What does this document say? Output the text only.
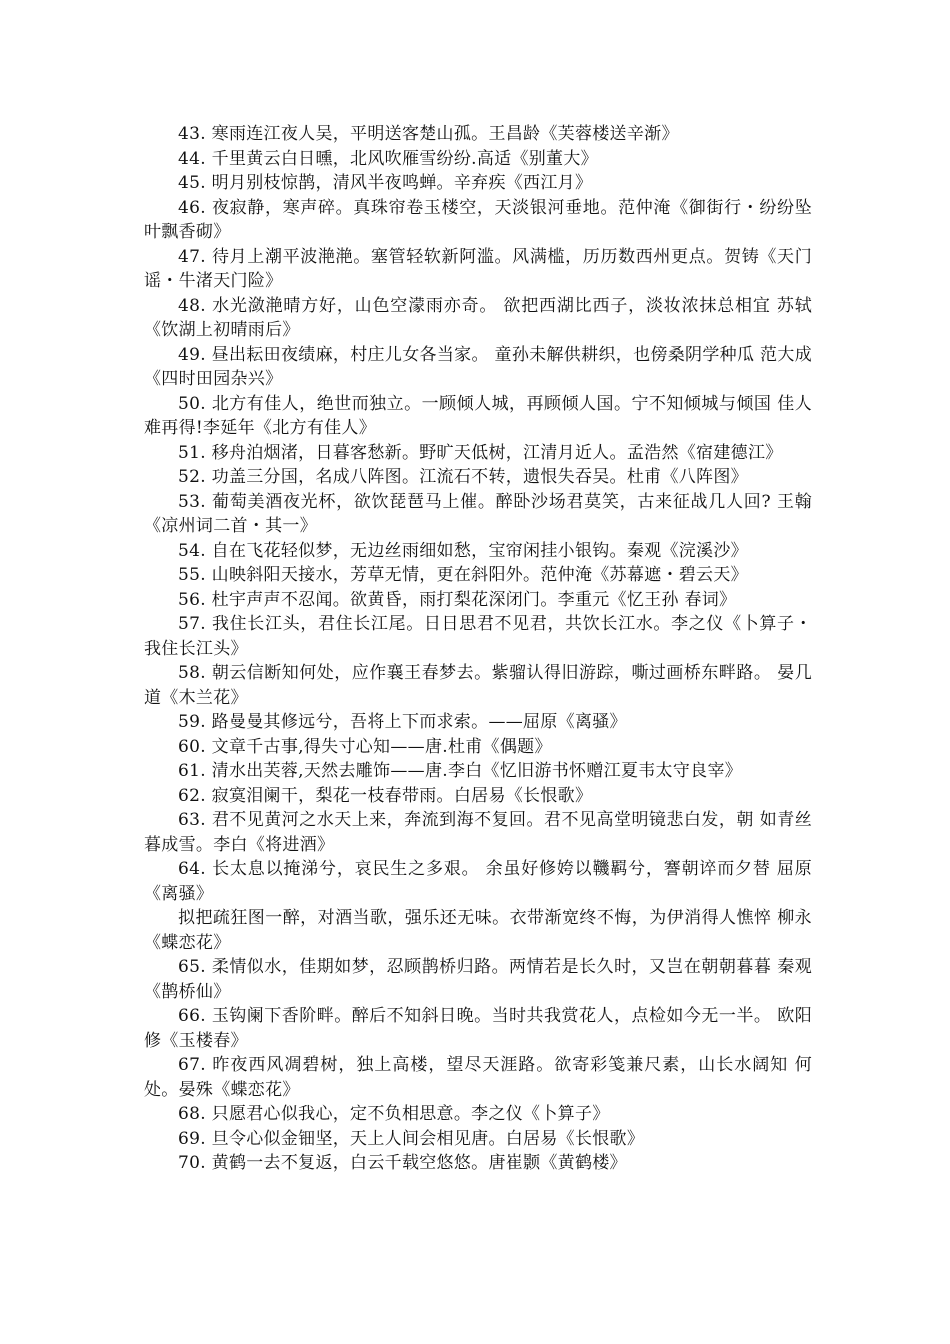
43. 寒雨连江夜人吴，平明送客楚山孤。王昌龄《芙蓉楼送辛渐》

44. 千里黄云白日曛，北风吹雁雪纷纷.高适《别董大》

45. 明月别枝惊鹊，清风半夜鸣蝉。辛弃疾《西江月》

46. 夜寂静，寒声碎。真珠帘卷玉楼空，天淡银河垂地。范仲淹《御街行・纷纷坠叶飘香砌》

47. 待月上潮平波滟滟。塞管轻软新阿滥。风满槛，历历数西州更点。贺铸《天门谣・牛渚天门险》

48. 水光潋滟晴方好，山色空濛雨亦奇。 欲把西湖比西子，淡妆浓抹总相宜 苏轼《饮湖上初晴雨后》

49. 昼出耘田夜绩麻，村庄儿女各当家。 童孙未解供耕织，也傍桑阴学种瓜 范大成《四时田园杂兴》

50. 北方有佳人，绝世而独立。一顾倾人城，再顾倾人国。宁不知倾城与倾国 佳人难再得!李延年《北方有佳人》

51. 移舟泊烟渚，日暮客愁新。野旷天低树，江清月近人。孟浩然《宿建德江》

52. 功盖三分国，名成八阵图。江流石不转，遗恨失吞吴。杜甫《八阵图》

53. 葡萄美酒夜光杯，欲饮琵琶马上催。醉卧沙场君莫笑，古来征战几人回? 王翰《凉州词二首・其一》

54. 自在飞花轻似梦，无边丝雨细如愁，宝帘闲挂小银钩。秦观《浣溪沙》

55. 山映斜阳天接水，芳草无情，更在斜阳外。范仲淹《苏幕遮・碧云天》

56. 杜宇声声不忍闻。欲黄昏，雨打梨花深闭门。李重元《忆王孙 春词》

57. 我住长江头，君住长江尾。日日思君不见君，共饮长江水。李之仪《卜算子・我住长江头》

58. 朝云信断知何处，应作襄王春梦去。紫骝认得旧游踪，嘶过画桥东畔路。 晏几道《木兰花》

59. 路曼曼其修远兮，吾将上下而求索。——屈原《离骚》

60. 文章千古事,得失寸心知——唐.杜甫《偶题》

61. 清水出芙蓉,天然去雕饰——唐.李白《忆旧游书怀赠江夏韦太守良宰》

62. 寂寞泪阑干，梨花一枝春带雨。白居易《长恨歌》

63. 君不见黄河之水天上来，奔流到海不复回。君不见高堂明镜悲白发，朝 如青丝暮成雪。李白《将进酒》

64. 长太息以掩涕兮，哀民生之多艰。 余虽好修姱以鞿羁兮，謇朝谇而夕替 屈原《离骚》

拟把疏狂图一醉，对酒当歌，强乐还无味。衣带渐宽终不悔，为伊消得人憔悴 柳永《蝶恋花》

65. 柔情似水，佳期如梦，忍顾鹊桥归路。两情若是长久时，又岂在朝朝暮暮 秦观《鹊桥仙》

66. 玉钩阑下香阶畔。醉后不知斜日晚。当时共我赏花人，点检如今无一半。 欧阳修《玉楼春》

67. 昨夜西风凋碧树，独上高楼，望尽天涯路。欲寄彩笺兼尺素，山长水阔知 何处。晏殊《蝶恋花》

68. 只愿君心似我心，定不负相思意。李之仪《卜算子》

69. 旦令心似金钿坚，天上人间会相见唐。白居易《长恨歌》

70. 黄鹤一去不复返，白云千载空悠悠。唐崔颢《黄鹤楼》
